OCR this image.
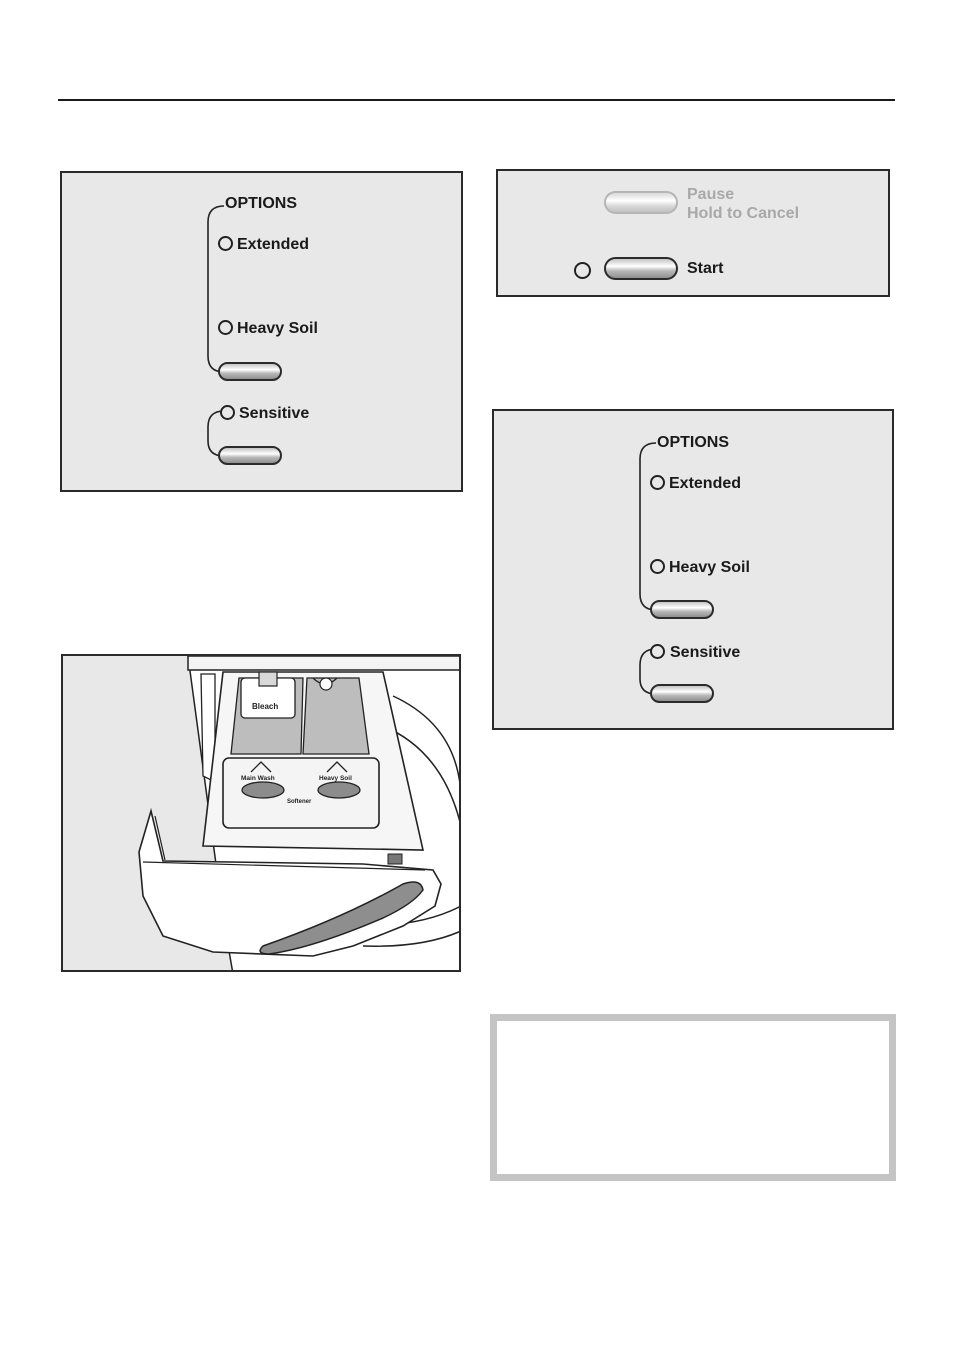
OPTIONS
Extended
Heavy Soil
Sensitive
Pause
Hold to Cancel
Start
OPTIONS
Extended
Heavy Soil
Sensitive
Bleach
Main Wash	Heavy Soil
Softener
